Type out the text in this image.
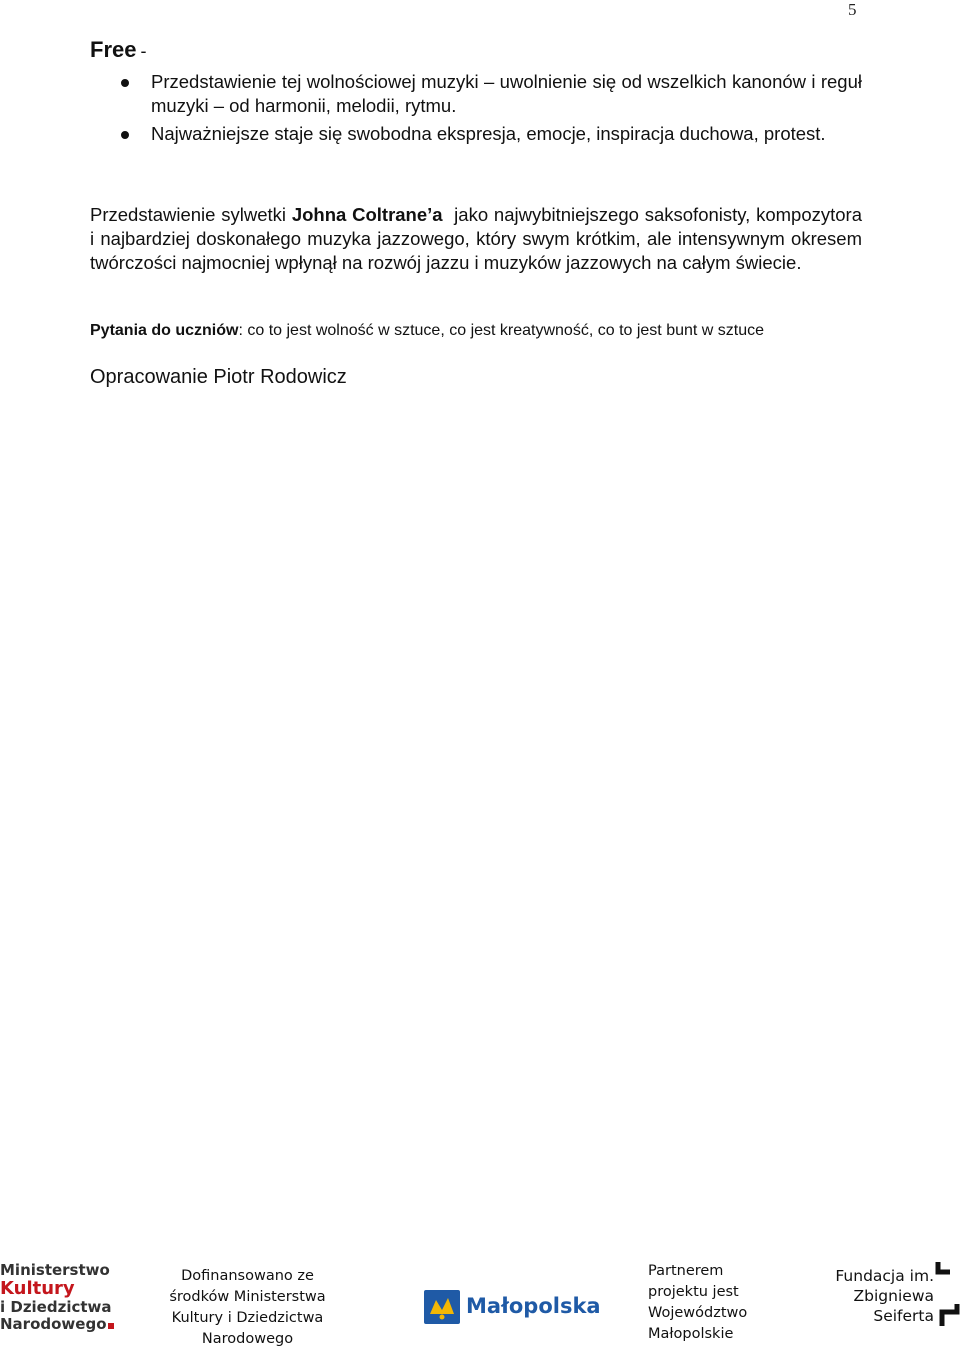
5
Free -
Przedstawienie tej wolnościowej muzyki – uwolnienie się od wszelkich kanonów i reguł muzyki – od harmonii, melodii, rytmu.
Najważniejsze staje się swobodna ekspresja, emocje, inspiracja duchowa, protest.

Przedstawienie sylwetki Johna Coltrane’a  jako najwybitniejszego saksofonisty, kompozytora i najbardziej doskonałego muzyka jazzowego, który swym krótkim, ale intensywnym okresem twórczości najmocniej wpłynął na rozwój jazzu i muzyków jazzowych na całym świecie.

Pytania do uczniów: co to jest wolność w sztuce, co jest kreatywność, co to jest bunt w sztuce

Opracowanie Piotr Rodowicz

Ministerstwo
Kultury
i Dziedzictwa
Narodowego
Dofinansowano ze
środków Ministerstwa
Kultury i Dziedzictwa
Narodowego
Małopolska
Partnerem
projektu jest
Województwo
Małopolskie
Fundacja im.
Zbigniewa
Seiferta
